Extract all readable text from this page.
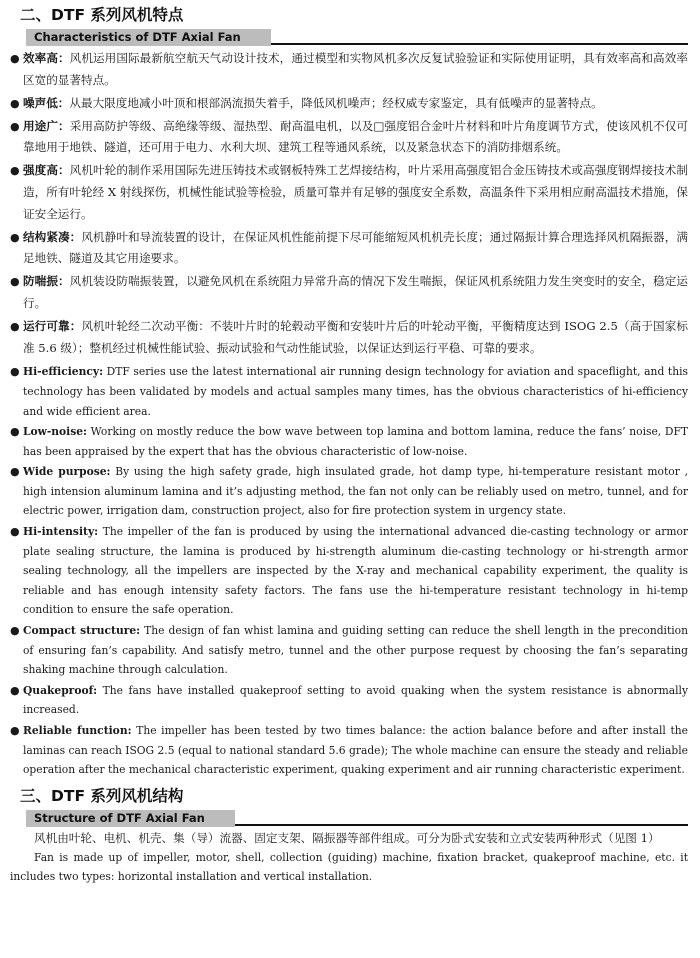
二、DTF 系列风机特点
Characteristics of DTF Axial Fan
● 效率高：风机运用国际最新航空航天气动设计技术，通过模型和实物风机多次反复试验验证和实际使用证明，具有效率高和高效率区宽的显著特点。
● 噪声低：从最大限度地减小叶顶和根部涡流损失着手，降低风机噪声；经权威专家鉴定，具有低噪声的显著特点。
● 用途广：采用高防护等级、高绝缘等级、湿热型、耐高温电机，以及□强度铝合金叶片材料和叶片角度调节方式，使该风机不仅可靠地用于地铁、隧道，还可用于电力、水利大坝、建筑工程等通风系统，以及紧急状态下的消防排烟系统。
● 强度高：风机叶轮的制作采用国际先进压铸技术或钢板特殊工艺焊接结构，叶片采用高强度铝合金压铸技术或高强度钢焊接技术制造，所有叶轮经 X 射线探伤，机械性能试验等检验，质量可靠并有足够的强度安全系数，高温条件下采用相应耐高温技术措施，保证安全运行。
● 结构紧凑：风机静叶和导流装置的设计，在保证风机性能前提下尽可能缩短风机机壳长度；通过隔振计算合理选择风机隔振器，满足地铁、隧道及其它用途要求。
● 防喘振：风机装设防喘振装置，以避免风机在系统阻力异常升高的情况下发生喘振，保证风机系统阻力发生突变时的安全，稳定运行。
● 运行可靠：风机叶轮经二次动平衡：不装叶片时的轮毂动平衡和安装叶片后的叶轮动平衡，平衡精度达到 ISOG 2.5（高于国家标准 5.6 级）；整机经过机械性能试验、振动试验和气动性能试验，以保证达到运行平稳、可靠的要求。
● Hi-efficiency: DTF series use the latest international air running design technology for aviation and spaceflight, and this technology has been validated by models and actual samples many times, has the obvious characteristics of hi-efficiency and wide efficient area.
● Low-noise: Working on mostly reduce the bow wave between top lamina and bottom lamina, reduce the fans’ noise, DFT has been appraised by the expert that has the obvious characteristic of low-noise.
● Wide purpose: By using the high safety grade, high insulated grade, hot damp type, hi-temperature resistant motor , high intension aluminum lamina and it’s adjusting method, the fan not only can be reliably used on metro, tunnel, and for electric power, irrigation dam, construction project, also for fire protection system in urgency state.
● Hi-intensity: The impeller of the fan is produced by using the international advanced die-casting technology or armor plate sealing structure, the lamina is produced by hi-strength aluminum die-casting technology or hi-strength armor sealing technology, all the impellers are inspected by the X-ray and mechanical capability experiment, the quality is reliable and has enough intensity safety factors. The fans use the hi-temperature resistant technology in hi-temp condition to ensure the safe operation.
● Compact structure: The design of fan whist lamina and guiding setting can reduce the shell length in the precondition of ensuring fan’s capability. And satisfy metro, tunnel and the other purpose request by choosing the fan’s separating shaking machine through calculation.
● Quakeproof: The fans have installed quakeproof setting to avoid quaking when the system resistance is abnormally increased.
● Reliable function: The impeller has been tested by two times balance: the action balance before and after install the laminas can reach ISOG 2.5 (equal to national standard 5.6 grade); The whole machine can ensure the steady and reliable operation after the mechanical characteristic experiment, quaking experiment and air running characteristic experiment.
三、DTF 系列风机结构
Structure of DTF Axial Fan

风机由叶轮、电机、机壳、集（导）流器、固定支架、隔振器等部件组成。可分为卧式安装和立式安装两种形式（见图 1）

Fan is made up of impeller, motor, shell, collection (guiding) machine, fixation bracket, quakeproof machine, etc. it includes two types: horizontal installation and vertical installation.
